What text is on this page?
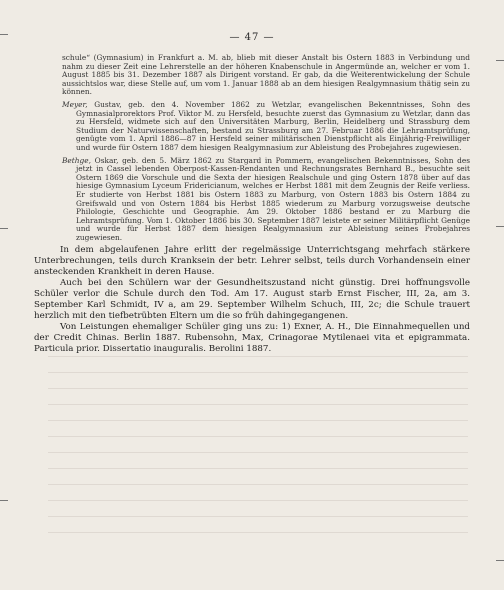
— 47 —

schule“ (Gymnasium) in Frankfurt a. M. ab, blieb mit dieser Anstalt bis Ostern 1883 in Verbindung und nahm zu dieser Zeit eine Lehrerstelle an der höheren Knabenschule in Angermünde an, welcher er vom 1. August 1885 bis 31. Dezember 1887 als Dirigent vorstand. Er gab, da die Weiterentwickelung der Schule aussichtslos war, diese Stelle auf, um vom 1. Januar 1888 ab an dem hiesigen Realgymnasium thätig sein zu können.

Meyer, Gustav, geb. den 4. November 1862 zu Wetzlar, evangelischen Bekenntnisses, Sohn des Gymnasialprorektors Prof. Viktor M. zu Hersfeld, besuchte zuerst das Gymnasium zu Wetzlar, dann das zu Hersfeld, widmete sich auf den Universitäten Marburg, Berlin, Heidelberg und Strassburg dem Studium der Naturwissenschaften, bestand zu Strassburg am 27. Februar 1886 die Lehramtsprüfung, genügte vom 1. April 1886—87 in Hersfeld seiner militärischen Dienstpflicht als Einjährig-Freiwilliger und wurde für Ostern 1887 dem hiesigen Realgymnasium zur Ableistung des Probejahres zugewiesen.

Bethge, Oskar, geb. den 5. März 1862 zu Stargard in Pommern, evangelischen Bekenntnisses, Sohn des jetzt in Cassel lebenden Oberpost-Kassen-Rendanten und Rechnungsrates Bernhard B., besuchte seit Ostern 1869 die Vorschule und die Sexta der hiesigen Realschule und ging Ostern 1878 über auf das hiesige Gymnasium Lyceum Fridericianum, welches er Herbst 1881 mit dem Zeugnis der Reife verliess. Er studierte von Herbst 1881 bis Ostern 1883 zu Marburg, von Ostern 1883 bis Ostern 1884 zu Greifswald und von Ostern 1884 bis Herbst 1885 wiederum zu Marburg vorzugsweise deutsche Philologie, Geschichte und Geographie. Am 29. Oktober 1886 bestand er zu Marburg die Lehramtsprüfung. Vom 1. Oktober 1886 bis 30. September 1887 leistete er seiner Militärpflicht Genüge und wurde für Herbst 1887 dem hiesigen Realgymnasium zur Ableistung seines Probejahres zugewiesen.

In dem abgelaufenen Jahre erlitt der regelmässige Unterrichtsgang mehrfach stärkere Unterbrechungen, teils durch Kranksein der betr. Lehrer selbst, teils durch Vorhandensein einer ansteckenden Krankheit in deren Hause.

Auch bei den Schülern war der Gesundheitszustand nicht günstig. Drei hoffnungsvolle Schüler verlor die Schule durch den Tod. Am 17. August starb Ernst Fischer, III, 2a, am 3. September Karl Schmidt, IV a, am 29. September Wilhelm Schuch, III, 2c; die Schule trauert herzlich mit den tiefbetrübten Eltern um die so früh dahingegangenen.

Von Leistungen ehemaliger Schüler ging uns zu: 1) Exner, A. H., Die Einnahmequellen und der Credit Chinas. Berlin 1887. Rubensohn, Max, Crinagorae Mytilenaei vita et epigrammata. Particula prior. Dissertatio inauguralis. Berolini 1887.
